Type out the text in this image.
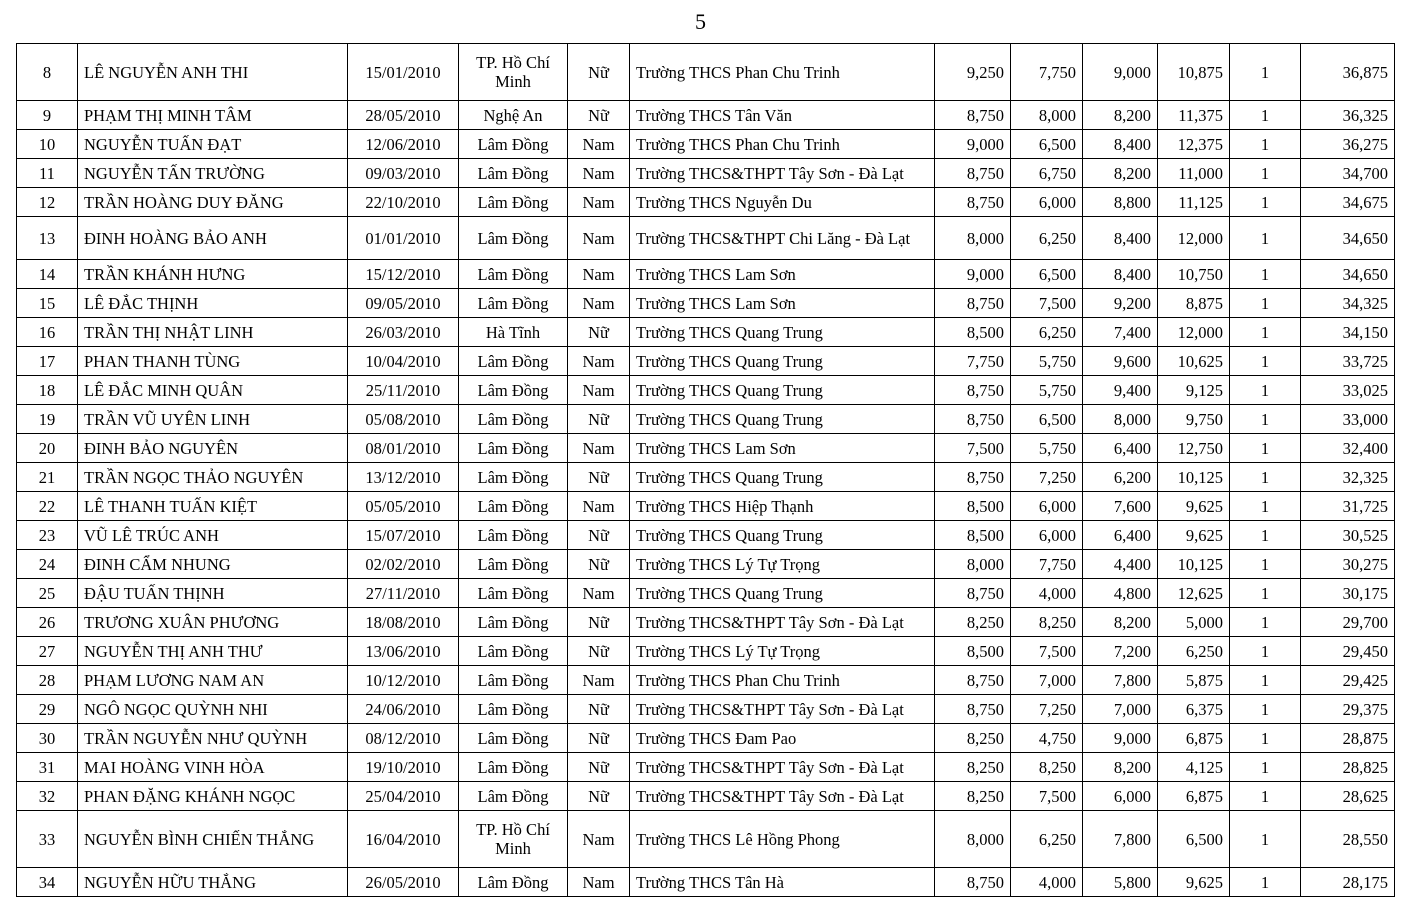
5
8	LÊ NGUYỄN ANH THI	15/01/2010	TP. Hồ Chí Minh	Nữ	Trường THCS Phan Chu Trinh	9,250	7,750	9,000	10,875	1	36,875
9	PHẠM THỊ MINH TÂM	28/05/2010	Nghệ An	Nữ	Trường THCS Tân Văn	8,750	8,000	8,200	11,375	1	36,325
10	NGUYỄN TUẤN ĐẠT	12/06/2010	Lâm Đồng	Nam	Trường THCS Phan Chu Trinh	9,000	6,500	8,400	12,375	1	36,275
11	NGUYỄN TẤN TRƯỜNG	09/03/2010	Lâm Đồng	Nam	Trường THCS&THPT Tây Sơn - Đà Lạt	8,750	6,750	8,200	11,000	1	34,700
12	TRẦN HOÀNG DUY ĐĂNG	22/10/2010	Lâm Đồng	Nam	Trường THCS Nguyễn Du	8,750	6,000	8,800	11,125	1	34,675
13	ĐINH HOÀNG BẢO ANH	01/01/2010	Lâm Đồng	Nam	Trường THCS&THPT Chi Lăng - Đà Lạt	8,000	6,250	8,400	12,000	1	34,650
14	TRẦN KHÁNH HƯNG	15/12/2010	Lâm Đồng	Nam	Trường THCS Lam Sơn	9,000	6,500	8,400	10,750	1	34,650
15	LÊ ĐẮC THỊNH	09/05/2010	Lâm Đồng	Nam	Trường THCS Lam Sơn	8,750	7,500	9,200	8,875	1	34,325
16	TRẦN THỊ NHẬT LINH	26/03/2010	Hà Tĩnh	Nữ	Trường THCS Quang Trung	8,500	6,250	7,400	12,000	1	34,150
17	PHAN THANH TÙNG	10/04/2010	Lâm Đồng	Nam	Trường THCS Quang Trung	7,750	5,750	9,600	10,625	1	33,725
18	LÊ ĐẮC MINH QUÂN	25/11/2010	Lâm Đồng	Nam	Trường THCS Quang Trung	8,750	5,750	9,400	9,125	1	33,025
19	TRẦN VŨ UYÊN LINH	05/08/2010	Lâm Đồng	Nữ	Trường THCS Quang Trung	8,750	6,500	8,000	9,750	1	33,000
20	ĐINH BẢO NGUYÊN	08/01/2010	Lâm Đồng	Nam	Trường THCS Lam Sơn	7,500	5,750	6,400	12,750	1	32,400
21	TRẦN NGỌC THẢO NGUYÊN	13/12/2010	Lâm Đồng	Nữ	Trường THCS Quang Trung	8,750	7,250	6,200	10,125	1	32,325
22	LÊ THANH TUẤN KIỆT	05/05/2010	Lâm Đồng	Nam	Trường THCS Hiệp Thạnh	8,500	6,000	7,600	9,625	1	31,725
23	VŨ LÊ TRÚC ANH	15/07/2010	Lâm Đồng	Nữ	Trường THCS Quang Trung	8,500	6,000	6,400	9,625	1	30,525
24	ĐINH CẨM NHUNG	02/02/2010	Lâm Đồng	Nữ	Trường THCS Lý Tự Trọng	8,000	7,750	4,400	10,125	1	30,275
25	ĐẬU TUẤN THỊNH	27/11/2010	Lâm Đồng	Nam	Trường THCS Quang Trung	8,750	4,000	4,800	12,625	1	30,175
26	TRƯƠNG XUÂN PHƯƠNG	18/08/2010	Lâm Đồng	Nữ	Trường THCS&THPT Tây Sơn - Đà Lạt	8,250	8,250	8,200	5,000	1	29,700
27	NGUYỄN THỊ ANH THƯ	13/06/2010	Lâm Đồng	Nữ	Trường THCS Lý Tự Trọng	8,500	7,500	7,200	6,250	1	29,450
28	PHẠM LƯƠNG NAM AN	10/12/2010	Lâm Đồng	Nam	Trường THCS Phan Chu Trinh	8,750	7,000	7,800	5,875	1	29,425
29	NGÔ NGỌC QUỲNH NHI	24/06/2010	Lâm Đồng	Nữ	Trường THCS&THPT Tây Sơn - Đà Lạt	8,750	7,250	7,000	6,375	1	29,375
30	TRẦN NGUYỄN NHƯ QUỲNH	08/12/2010	Lâm Đồng	Nữ	Trường THCS Đam Pao	8,250	4,750	9,000	6,875	1	28,875
31	MAI HOÀNG VINH HÒA	19/10/2010	Lâm Đồng	Nữ	Trường THCS&THPT Tây Sơn - Đà Lạt	8,250	8,250	8,200	4,125	1	28,825
32	PHAN ĐẶNG KHÁNH NGỌC	25/04/2010	Lâm Đồng	Nữ	Trường THCS&THPT Tây Sơn - Đà Lạt	8,250	7,500	6,000	6,875	1	28,625
33	NGUYỄN BÌNH CHIẾN THẮNG	16/04/2010	TP. Hồ Chí Minh	Nam	Trường THCS Lê Hồng Phong	8,000	6,250	7,800	6,500	1	28,550
34	NGUYỄN HỮU THẮNG	26/05/2010	Lâm Đồng	Nam	Trường THCS Tân Hà	8,750	4,000	5,800	9,625	1	28,175
